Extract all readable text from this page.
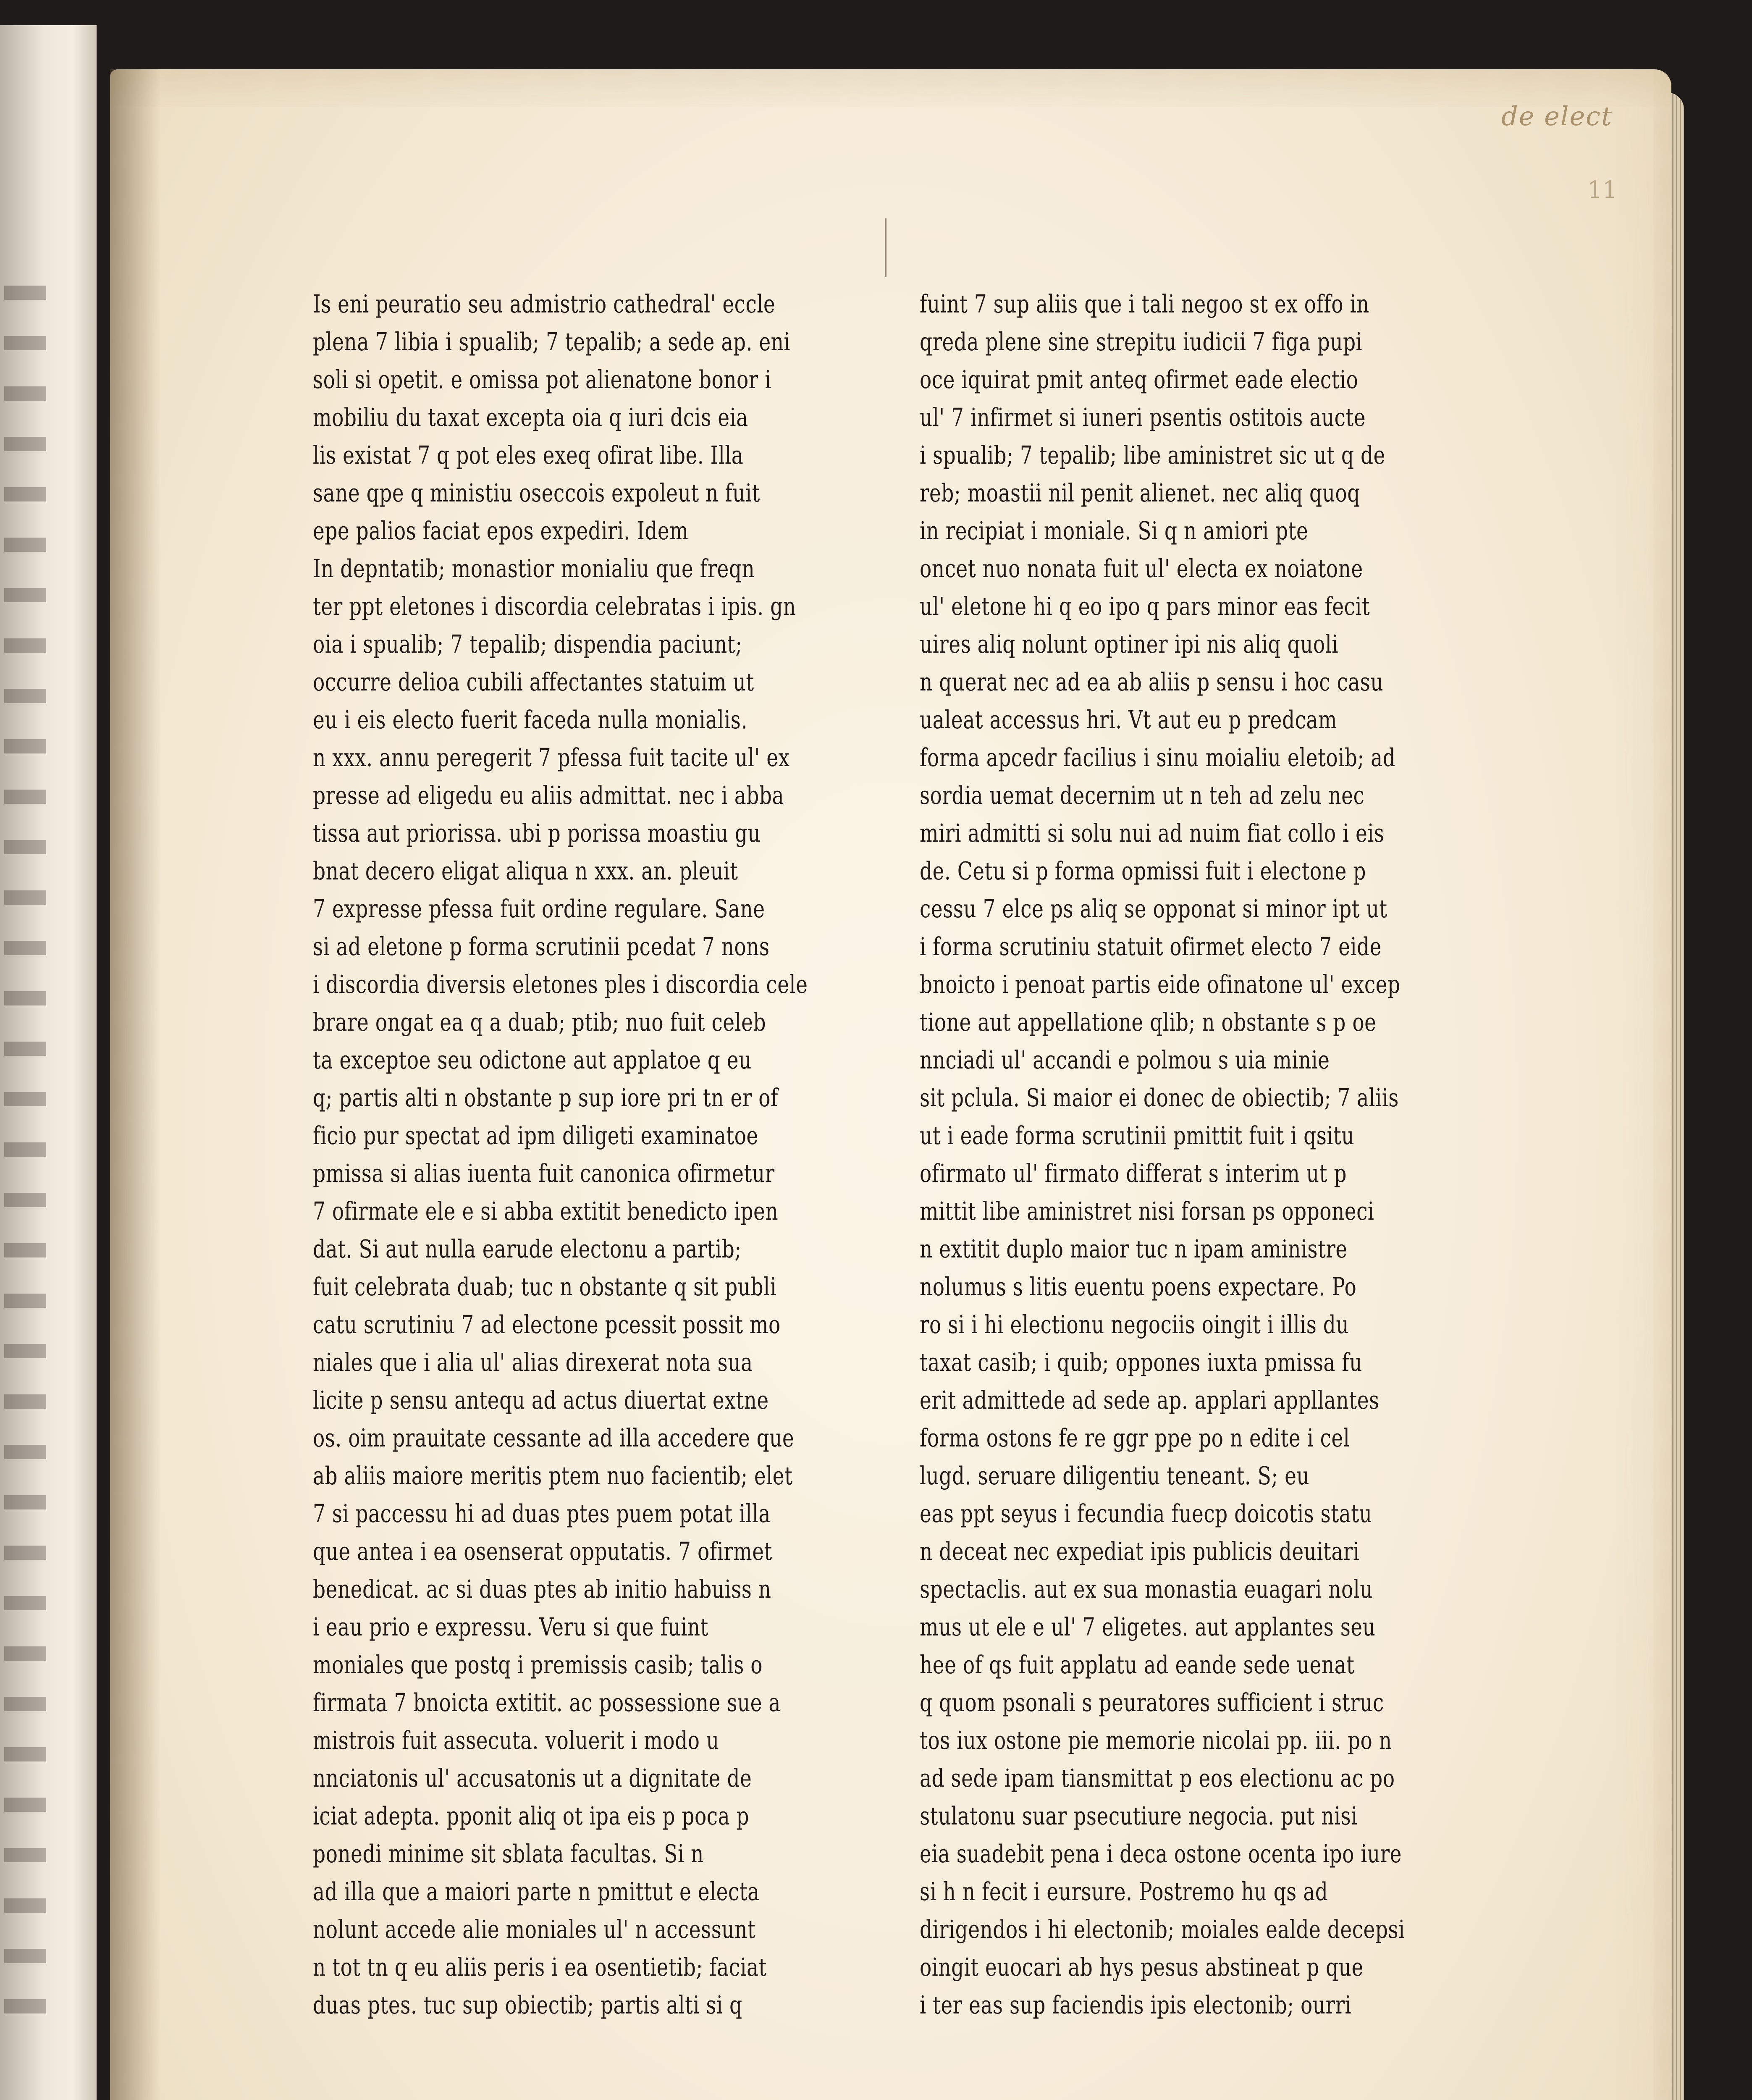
de elect
11
Is eni peuratio seu admistrio cathedral' eccle
plena 7 libia i spualib; 7 tepalib; a sede ap. eni
soli si opetit. e omissa pot alienatone bonor i
mobiliu du taxat excepta oia q iuri dcis eia
lis existat 7 q pot eles exeq ofirat libe. Illa
sane qpe q ministiu oseccois expoleut n fuit
epe palios faciat epos expediri. Idem
In depntatib; monastior monialiu que freqn
ter ppt eletones i discordia celebratas i ipis. gn
oia i spualib; 7 tepalib; dispendia paciunt;
occurre delioa cubili affectantes statuim ut
eu i eis electo fuerit faceda nulla monialis.
n xxx. annu peregerit 7 pfessa fuit tacite ul' ex
presse ad eligedu eu aliis admittat. nec i abba
tissa aut priorissa. ubi p porissa moastiu gu
bnat decero eligat aliqua n xxx. an. pleuit
7 expresse pfessa fuit ordine regulare. Sane
si ad eletone p forma scrutinii pcedat 7 nons
i discordia diversis eletones ples i discordia cele
brare ongat ea q a duab; ptib; nuo fuit celeb
ta exceptoe seu odictone aut applatoe q eu
q; partis alti n obstante p sup iore pri tn er of
ficio pur spectat ad ipm diligeti examinatoe
pmissa si alias iuenta fuit canonica ofirmetur
7 ofirmate ele e si abba extitit benedicto ipen
dat. Si aut nulla earude electonu a partib;
fuit celebrata duab; tuc n obstante q sit publi
catu scrutiniu 7 ad electone pcessit possit mo
niales que i alia ul' alias direxerat nota sua
licite p sensu antequ ad actus diuertat extne
os. oim prauitate cessante ad illa accedere que
ab aliis maiore meritis ptem nuo facientib; elet
7 si paccessu hi ad duas ptes puem potat illa
que antea i ea osenserat opputatis. 7 ofirmet
benedicat. ac si duas ptes ab initio habuiss n
i eau prio e expressu. Veru si que fuint
moniales que postq i premissis casib; talis o
firmata 7 bnoicta extitit. ac possessione sue a
mistrois fuit assecuta. voluerit i modo u
nnciatonis ul' accusatonis ut a dignitate de
iciat adepta. pponit aliq ot ipa eis p poca p
ponedi minime sit sblata facultas. Si n
ad illa que a maiori parte n pmittut e electa
nolunt accede alie moniales ul' n accessunt
n tot tn q eu aliis peris i ea osentietib; faciat
duas ptes. tuc sup obiectib; partis alti si q
fuint 7 sup aliis que i tali negoo st ex offo in
qreda plene sine strepitu iudicii 7 figa pupi
oce iquirat pmit anteq ofirmet eade electio
ul' 7 infirmet si iuneri psentis ostitois aucte
i spualib; 7 tepalib; libe aministret sic ut q de
reb; moastii nil penit alienet. nec aliq quoq
in recipiat i moniale. Si q n amiori pte
oncet nuo nonata fuit ul' electa ex noiatone
ul' eletone hi q eo ipo q pars minor eas fecit
uires aliq nolunt optiner ipi nis aliq quoli
n querat nec ad ea ab aliis p sensu i hoc casu
ualeat accessus hri. Vt aut eu p predcam
forma apcedr facilius i sinu moialiu eletoib; ad
sordia uemat decernim ut n teh ad zelu nec
miri admitti si solu nui ad nuim fiat collo i eis
de. Cetu si p forma opmissi fuit i electone p
cessu 7 elce ps aliq se opponat si minor ipt ut
i forma scrutiniu statuit ofirmet electo 7 eide
bnoicto i penoat partis eide ofinatone ul' excep
tione aut appellatione qlib; n obstante s p oe
nnciadi ul' accandi e polmou s uia minie
sit pclula. Si maior ei donec de obiectib; 7 aliis
ut i eade forma scrutinii pmittit fuit i qsitu
ofirmato ul' firmato differat s interim ut p
mittit libe aministret nisi forsan ps opponeci
n extitit duplo maior tuc n ipam aministre
nolumus s litis euentu poens expectare. Po
ro si i hi electionu negociis oingit i illis du
taxat casib; i quib; oppones iuxta pmissa fu
erit admittede ad sede ap. applari appllantes
forma ostons fe re ggr ppe po n edite i cel
lugd. seruare diligentiu teneant. S; eu
eas ppt seyus i fecundia fuecp doicotis statu
n deceat nec expediat ipis publicis deuitari
spectaclis. aut ex sua monastia euagari nolu
mus ut ele e ul' 7 eligetes. aut applantes seu
hee of qs fuit applatu ad eande sede uenat
q quom psonali s peuratores sufficient i struc
tos iux ostone pie memorie nicolai pp. iii. po n
ad sede ipam tiansmittat p eos electionu ac po
stulatonu suar psecutiure negocia. put nisi
eia suadebit pena i deca ostone ocenta ipo iure
si h n fecit i eursure. Postremo hu qs ad
dirigendos i hi electonib; moiales ealde decepsi
oingit euocari ab hys pesus abstineat p que
i ter eas sup faciendis ipis electonib; ourri
